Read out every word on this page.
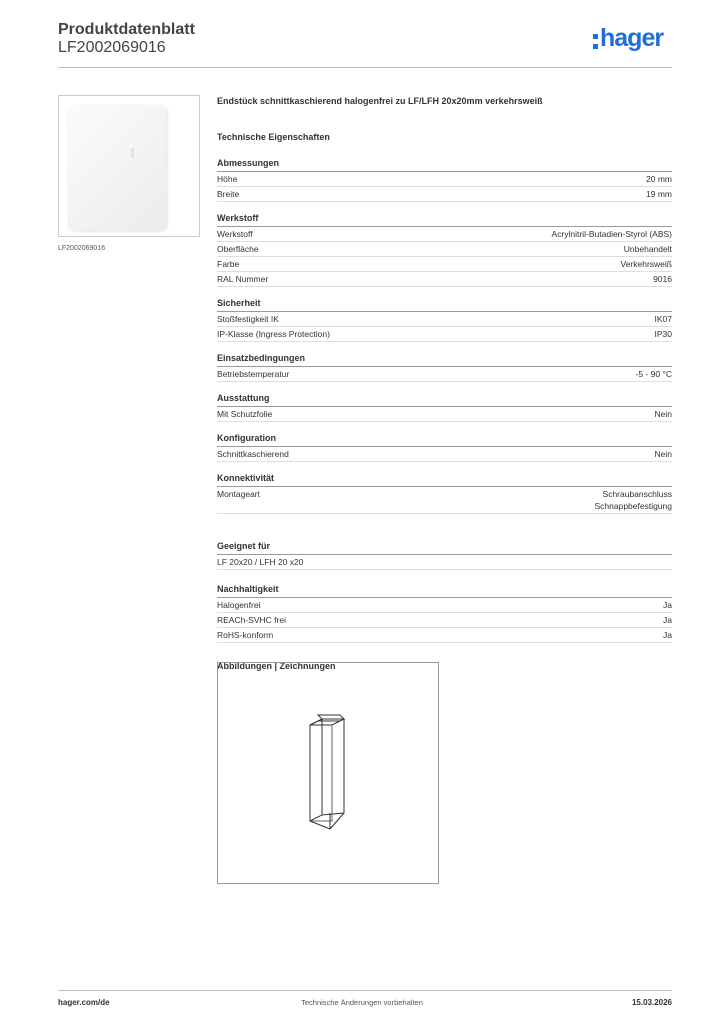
Produktdatenblatt
LF2002069016	hager
LF2002069016
Endstück schnittkaschierend halogenfrei zu LF/LFH 20x20mm verkehrsweiß
Technische Eigenschaften
Abmessungen
Höhe	20 mm
Breite	19 mm
Werkstoff
Werkstoff	Acrylnitril-Butadien-Styrol (ABS)
Oberfläche	Unbehandelt
Farbe	Verkehrsweiß
RAL Nummer	9016
Sicherheit
Stoßfestigkeit IK	IK07
IP-Klasse (Ingress Protection)	IP30
Einsatzbedingungen
Betriebstemperatur	-5 - 90 °C
Ausstattung
Mit Schutzfolie	Nein
Konfiguration
Schnittkaschierend	Nein
Konnektivität
Montageart	Schraubanschluss
Schnappbefestigung
Geeignet für
LF 20x20 / LFH 20 x20
Nachhaltigkeit
Halogenfrei	Ja
REACh-SVHC frei	Ja
RoHS-konform	Ja
Abbildungen | Zeichnungen
hager.com/de	Technische Änderungen vorbehalten	15.03.2026
